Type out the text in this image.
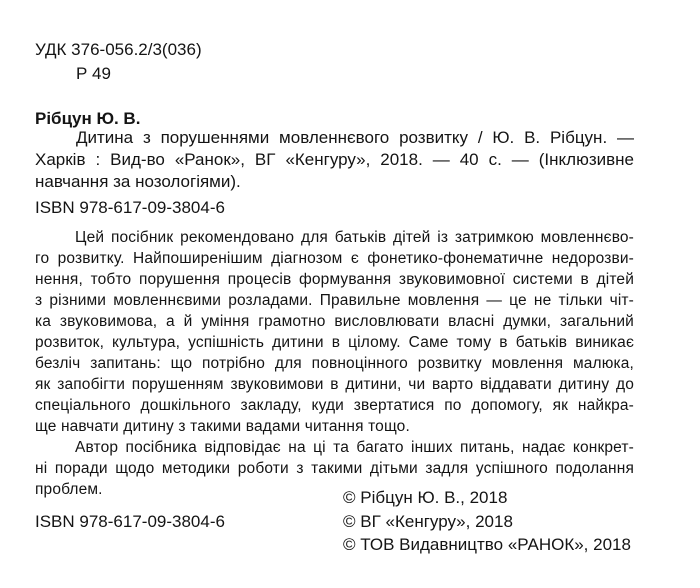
УДК 376-056.2/3(036)
Р 49
Рібцун Ю. В.
Дитина з порушеннями мовленнєвого розвитку / Ю. В. Рібцун. —
Харків : Вид-во «Ранок», ВГ «Кенгуру», 2018. — 40 с. — (Інклюзивне
навчання за нозологіями).
ISBN 978-617-09-3804-6
Цей посібник рекомендовано для батьків дітей із затримкою мовленнєво-
го розвитку. Найпоширенішим діагнозом є фонетико-фонематичне недорозви-
нення, тобто порушення процесів формування звуковимовної системи в дітей
з різними мовленнєвими розладами. Правильне мовлення — це не тільки чіт-
ка звуковимова, а й уміння грамотно висловлювати власні думки, загальний
розвиток, культура, успішність дитини в цілому. Саме тому в батьків виникає
безліч запитань: що потрібно для повноцінного розвитку мовлення малюка,
як запобігти порушенням звуковимови в дитини, чи варто віддавати дитину до
спеціального дошкільного закладу, куди звертатися по допомогу, як найкра-
ще навчати дитину з такими вадами читання тощо.
Автор посібника відповідає на ці та багато інших питань, надає конкрет-
ні поради щодо методики роботи з такими дітьми задля успішного подолання
проблем.
ISBN 978-617-09-3804-6
© Рібцун Ю. В., 2018
© ВГ «Кенгуру», 2018
© ТОВ Видавництво «РАНОК», 2018
